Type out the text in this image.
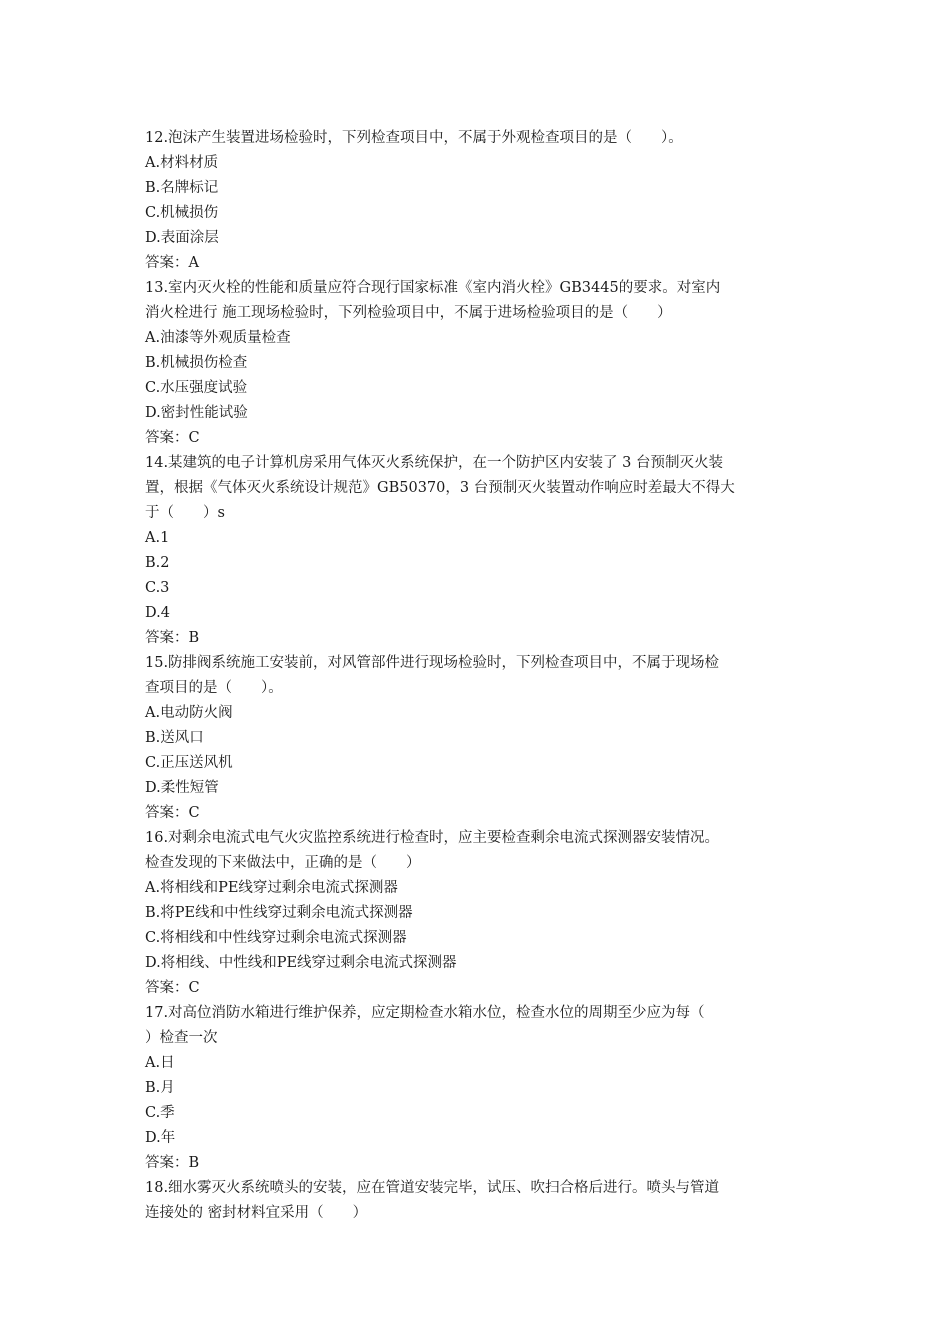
12.泡沫产生装置进场检验时，下列检查项目中，不属于外观检查项目的是（　　）。
A.材料材质
B.名牌标记
C.机械损伤
D.表面涂层
答案：A
13.室内灭火栓的性能和质量应符合现行国家标准《室内消火栓》GB3445的要求。对室内
消火栓进行 施工现场检验时，下列检验项目中，不属于进场检验项目的是（　　）
A.油漆等外观质量检查
B.机械损伤检查
C.水压强度试验
D.密封性能试验
答案：C
14.某建筑的电子计算机房采用气体灭火系统保护，在一个防护区内安装了 3 台预制灭火装
置，根据《气体灭火系统设计规范》GB50370，3 台预制灭火装置动作响应时差最大不得大
于（　　）s
A.1
B.2
C.3
D.4
答案：B
15.防排阀系统施工安装前，对风管部件进行现场检验时，下列检查项目中，不属于现场检
查项目的是（　　）。
A.电动防火阀
B.送风口
C.正压送风机
D.柔性短管
答案：C
16.对剩余电流式电气火灾监控系统进行检查时，应主要检查剩余电流式探测器安装情况。
检查发现的下来做法中，正确的是（　　）
A.将相线和PE线穿过剩余电流式探测器
B.将PE线和中性线穿过剩余电流式探测器
C.将相线和中性线穿过剩余电流式探测器
D.将相线、中性线和PE线穿过剩余电流式探测器
答案：C
17.对高位消防水箱进行维护保养，应定期检查水箱水位，检查水位的周期至少应为每（
）检查一次
A.日
B.月
C.季
D.年
答案：B
18.细水雾灭火系统喷头的安装，应在管道安装完毕，试压、吹扫合格后进行。喷头与管道
连接处的 密封材料宜采用（　　）
